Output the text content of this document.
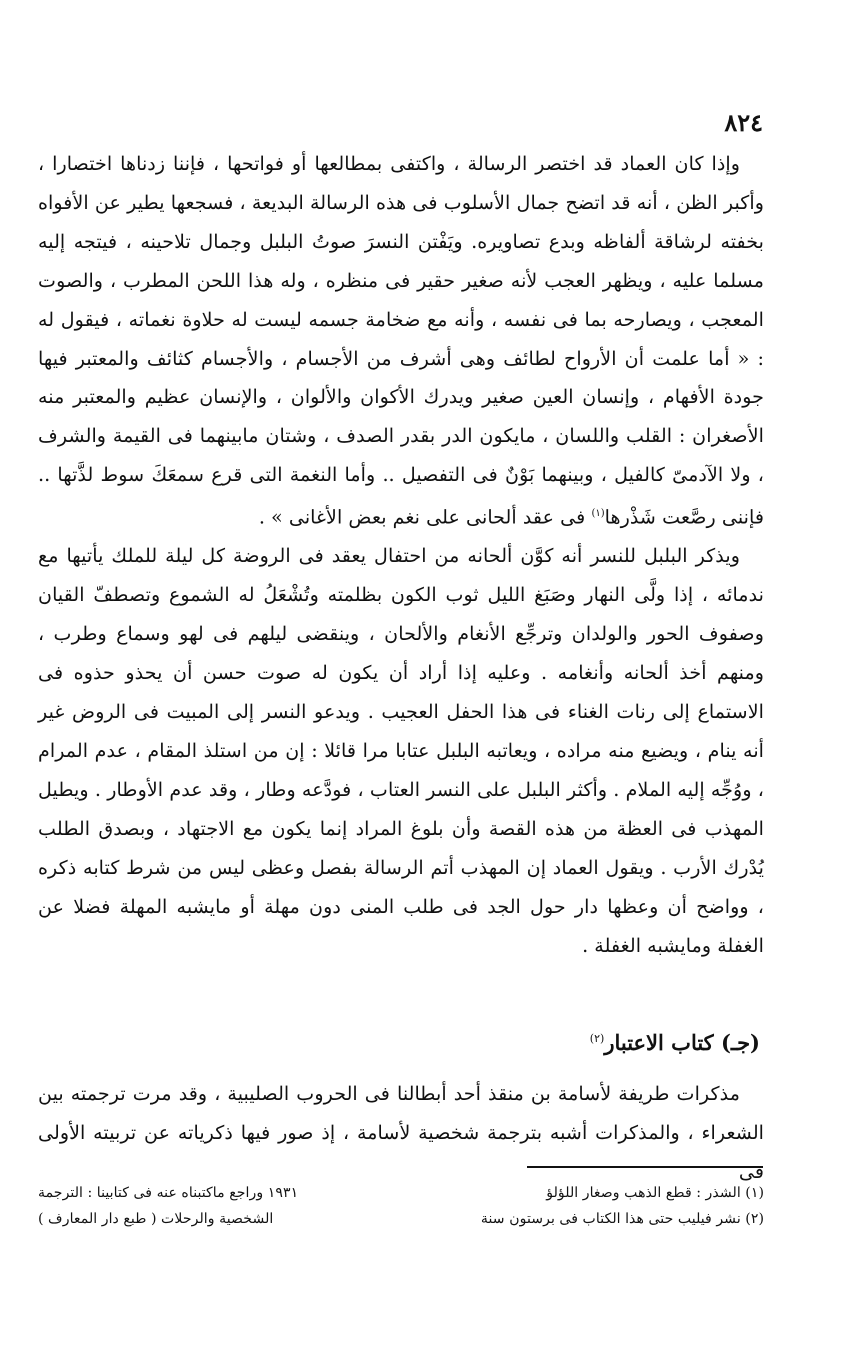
٨٢٤

وإذا كان العماد قد اختصر الرسالة ، واكتفى بمطالعها أو فواتحها ، فإننا زدناها اختصارا ، وأكبر الظن ، أنه قد اتضح جمال الأسلوب فى هذه الرسالة البديعة ، فسجعها يطير عن الأفواه بخفته لرشاقة ألفاظه وبدع تصاويره. ويَفْتن النسرَ صوتُ البلبل وجمال تلاحينه ، فيتجه إليه مسلما عليه ، ويظهر العجب لأنه صغير حقير فى منظره ، وله هذا اللحن المطرب ، والصوت المعجب ، ويصارحه بما فى نفسه ، وأنه مع ضخامة جسمه ليست له حلاوة نغماته ، فيقول له : « أما علمت أن الأرواح لطائف وهى أشرف من الأجسام ، والأجسام كثائف والمعتبر فيها جودة الأفهام ، وإنسان العين صغير ويدرك الأكوان والألوان ، والإنسان عظيم والمعتبر منه الأصغران : القلب واللسان ، مايكون الدر بقدر الصدف ، وشتان مابينهما فى القيمة والشرف ، ولا الآدمىّ كالفيل ، وبينهما بَوْنٌ فى التفصيل .. وأما النغمة التى قرع سمعَكَ سوط لذَّتها .. فإننى رصَّعت شَذْرها$^{(١)}$ فى عقد ألحانى على نغم بعض الأغانى » .

ويذكر البلبل للنسر أنه كوَّن ألحانه من احتفال يعقد فى الروضة كل ليلة للملك يأتيها مع ندمائه ، إذا ولَّى النهار وصَبَغ الليل ثوب الكون بظلمته وتُشْعَلُ له الشموع وتصطفّ القيان وصفوف الحور والولدان وترجِّع الأنغام والألحان ، وينقضى ليلهم فى لهو وسماع وطرب ، ومنهم أخذ ألحانه وأنغامه . وعليه إذا أراد أن يكون له صوت حسن أن يحذو حذوه فى الاستماع إلى رنات الغناء فى هذا الحفل العجيب . ويدعو النسر إلى المبيت فى الروض غير أنه ينام ، ويضيع منه مراده ، ويعاتبه البلبل عتابا مرا قائلا : إن من استلذ المقام ، عدم المرام ، ووُجِّه إليه الملام . وأكثر البلبل على النسر العتاب ، فودَّعه وطار ، وقد عدم الأوطار . ويطيل المهذب فى العظة من هذه القصة وأن بلوغ المراد إنما يكون مع الاجتهاد ، وبصدق الطلب يُدْرك الأرب . ويقول العماد إن المهذب أتم الرسالة بفصل وعظى ليس من شرط كتابه ذكره ، وواضح أن وعظها دار حول الجد فى طلب المنى دون مهلة أو مايشبه المهلة فضلا عن الغفلة ومايشبه الغفلة .

(جـ) كتاب الاعتبار$^{(٢)}$

مذكرات طريفة لأسامة بن منقذ أحد أبطالنا فى الحروب الصليبية ، وقد مرت ترجمته بين الشعراء ، والمذكرات أشبه بترجمة شخصية لأسامة ، إذ صور فيها ذكرياته عن تربيته الأولى فى

(١) الشذر : قطع الذهب وصغار اللؤلؤ
١٩٣١ وراجع ماكتبناه عنه فى كتابينا : الترجمة
(٢) نشر فيليب حتى هذا الكتاب فى برستون سنة
الشخصية والرحلات ( طبع دار المعارف )
